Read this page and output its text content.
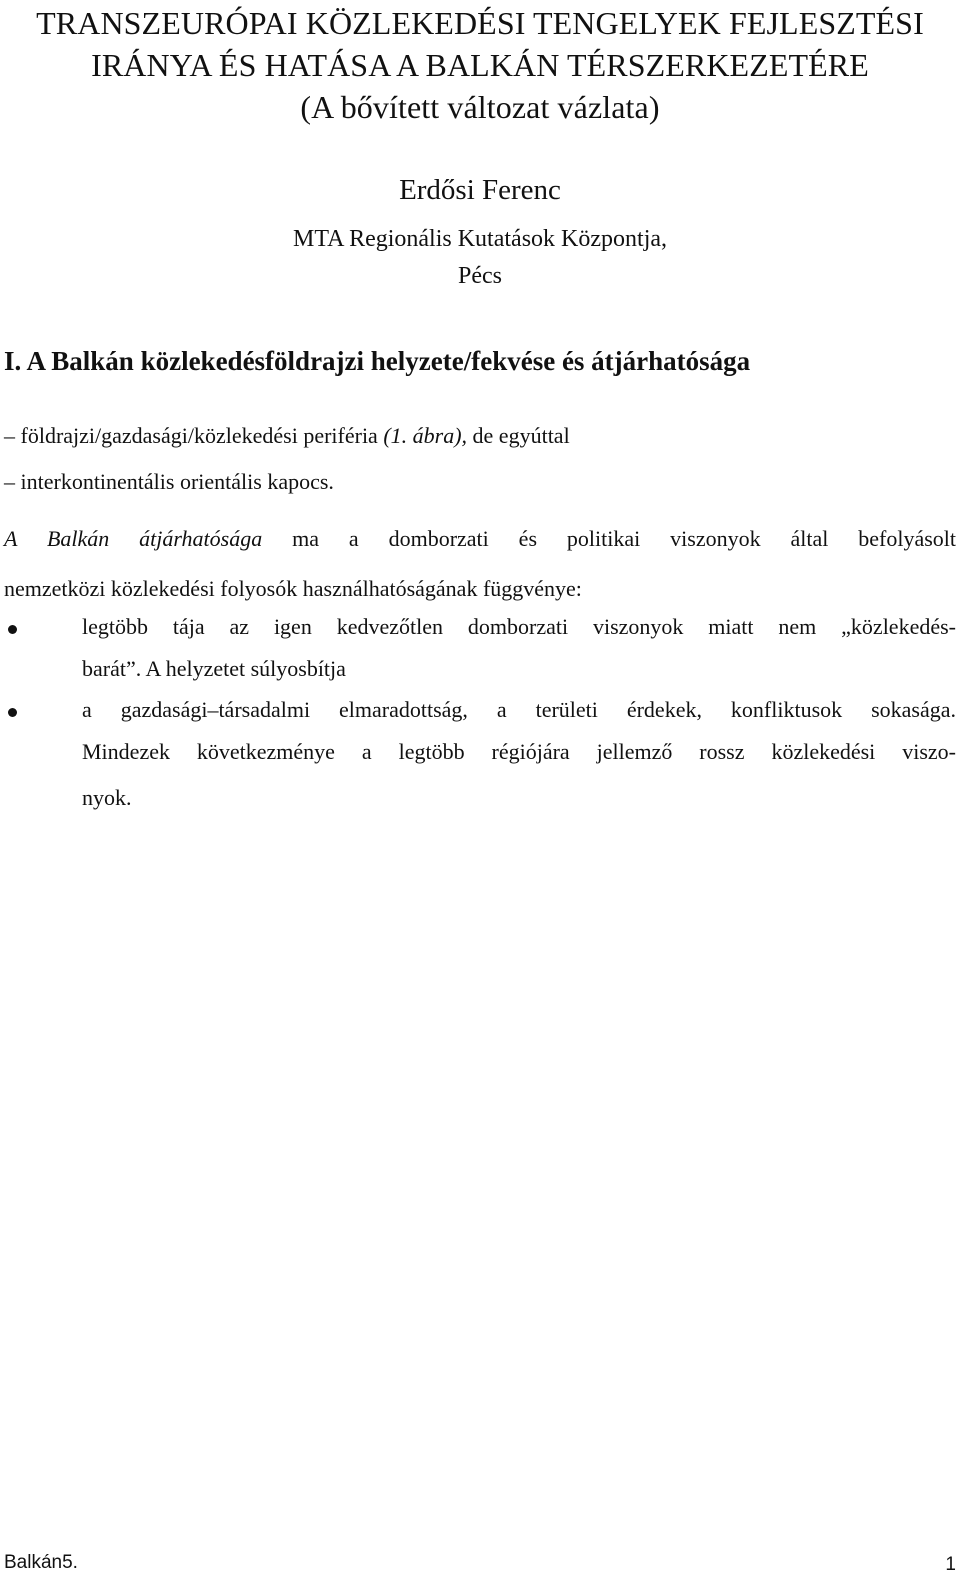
TRANSZEURÓPAI KÖZLEKEDÉSI TENGELYEK FEJLESZTÉSI
IRÁNYA ÉS HATÁSA A BALKÁN TÉRSZERKEZETÉRE
(A bővített változat vázlata)
Erdősi Ferenc
MTA Regionális Kutatások Központja,
Pécs
I. A Balkán közlekedésföldrajzi helyzete/fekvése és átjárhatósága
– földrajzi/gazdasági/közlekedési periféria (1. ábra), de egyúttal
– interkontinentális orientális kapocs.
A Balkán átjárhatósága ma a domborzati és politikai viszonyok által befolyásolt
nemzetközi közlekedési folyosók használhatóságának függvénye:
legtöbb tája az igen kedvezőtlen domborzati viszonyok miatt nem „közlekedés-
barát”. A helyzetet súlyosbítja
a gazdasági–társadalmi elmaradottság, a területi érdekek, konfliktusok sokasága.
Mindezek következménye a legtöbb régiójára jellemző rossz közlekedési viszo-
nyok.
Balkán5.	1
